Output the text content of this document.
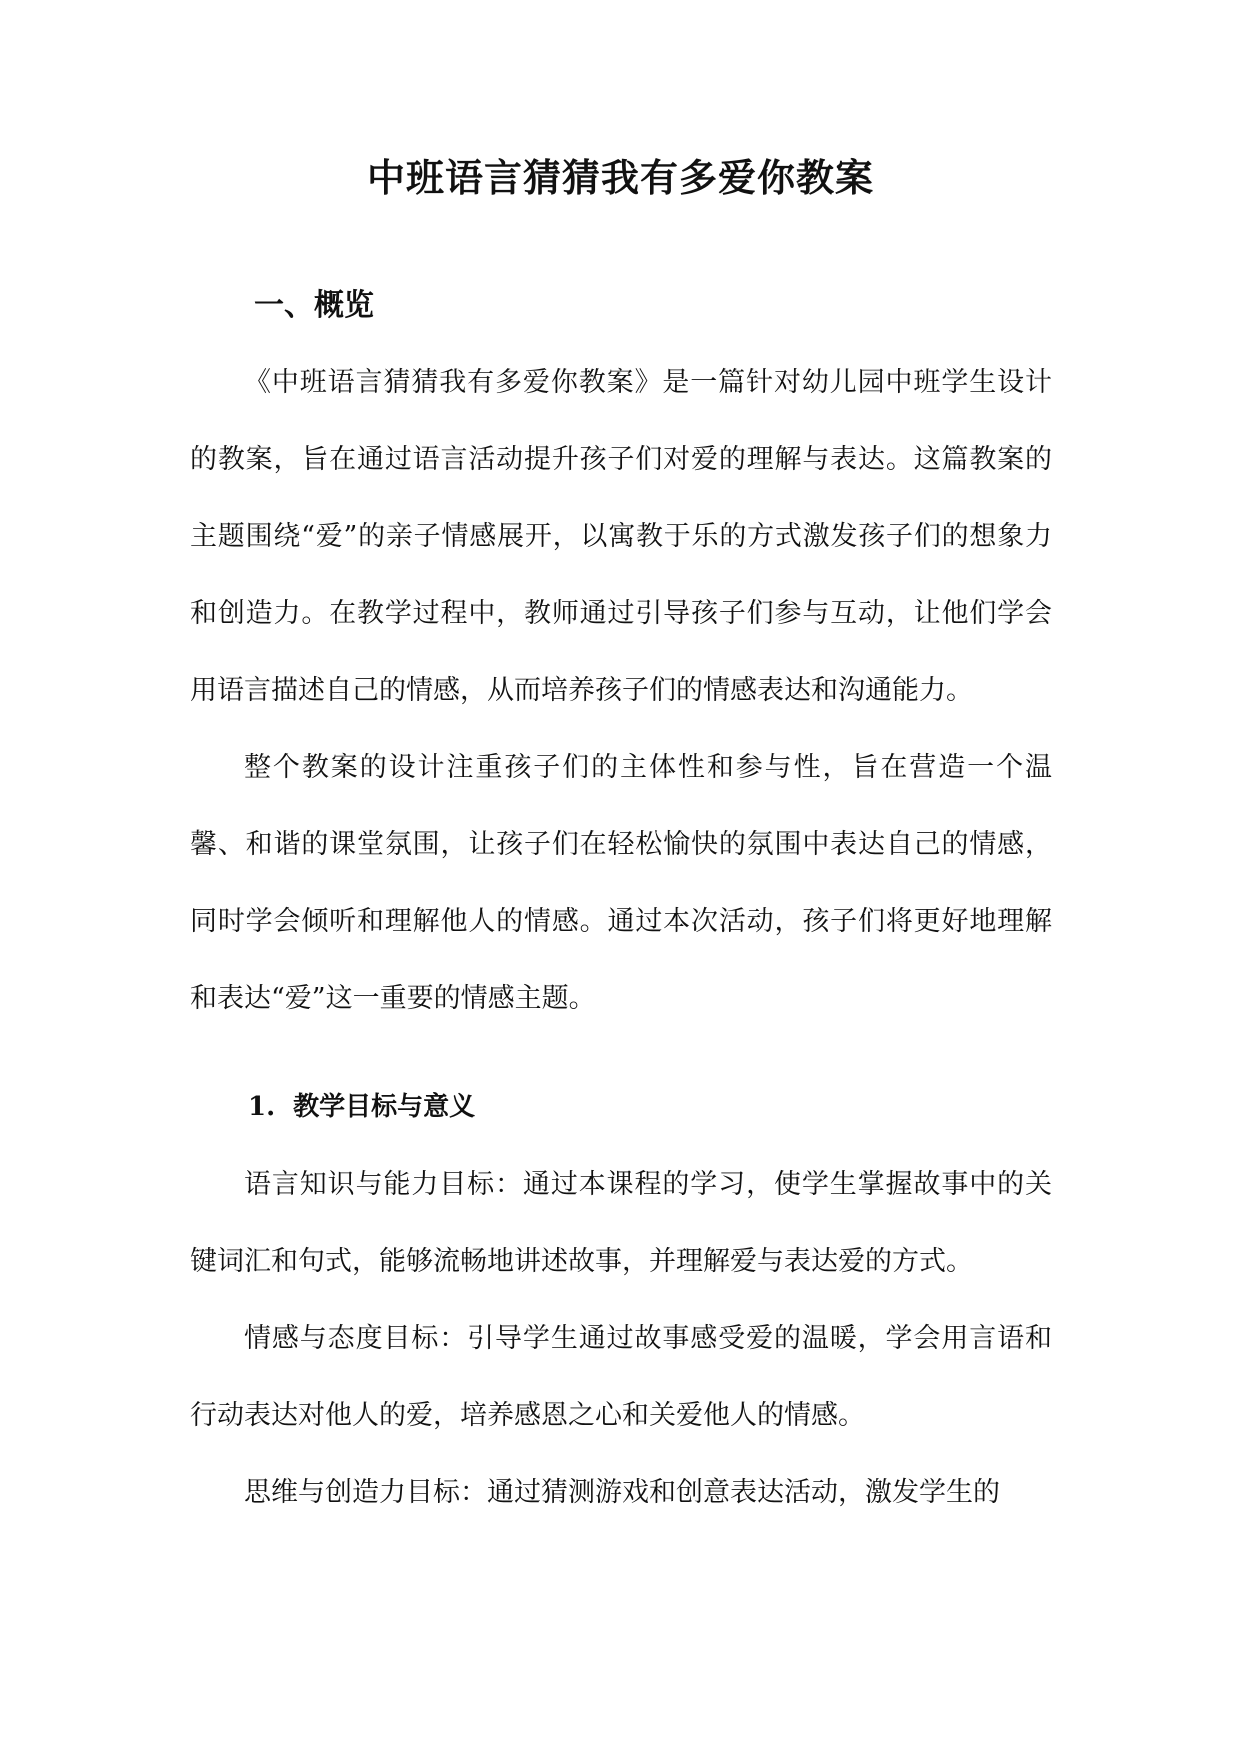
中班语言猜猜我有多爱你教案
一、概览

《中班语言猜猜我有多爱你教案》是一篇针对幼儿园中班学生设计的教案，旨在通过语言活动提升孩子们对爱的理解与表达。这篇教案的主题围绕“爱”的亲子情感展开，以寓教于乐的方式激发孩子们的想象力和创造力。在教学过程中，教师通过引导孩子们参与互动，让他们学会用语言描述自己的情感，从而培养孩子们的情感表达和沟通能力。

整个教案的设计注重孩子们的主体性和参与性，旨在营造一个温馨、和谐的课堂氛围，让孩子们在轻松愉快的氛围中表达自己的情感，同时学会倾听和理解他人的情感。通过本次活动，孩子们将更好地理解和表达“爱”这一重要的情感主题。

1. 教学目标与意义

语言知识与能力目标：通过本课程的学习，使学生掌握故事中的关键词汇和句式，能够流畅地讲述故事，并理解爱与表达爱的方式。

情感与态度目标：引导学生通过故事感受爱的温暖，学会用言语和行动表达对他人的爱，培养感恩之心和关爱他人的情感。

思维与创造力目标：通过猜测游戏和创意表达活动，激发学生的
